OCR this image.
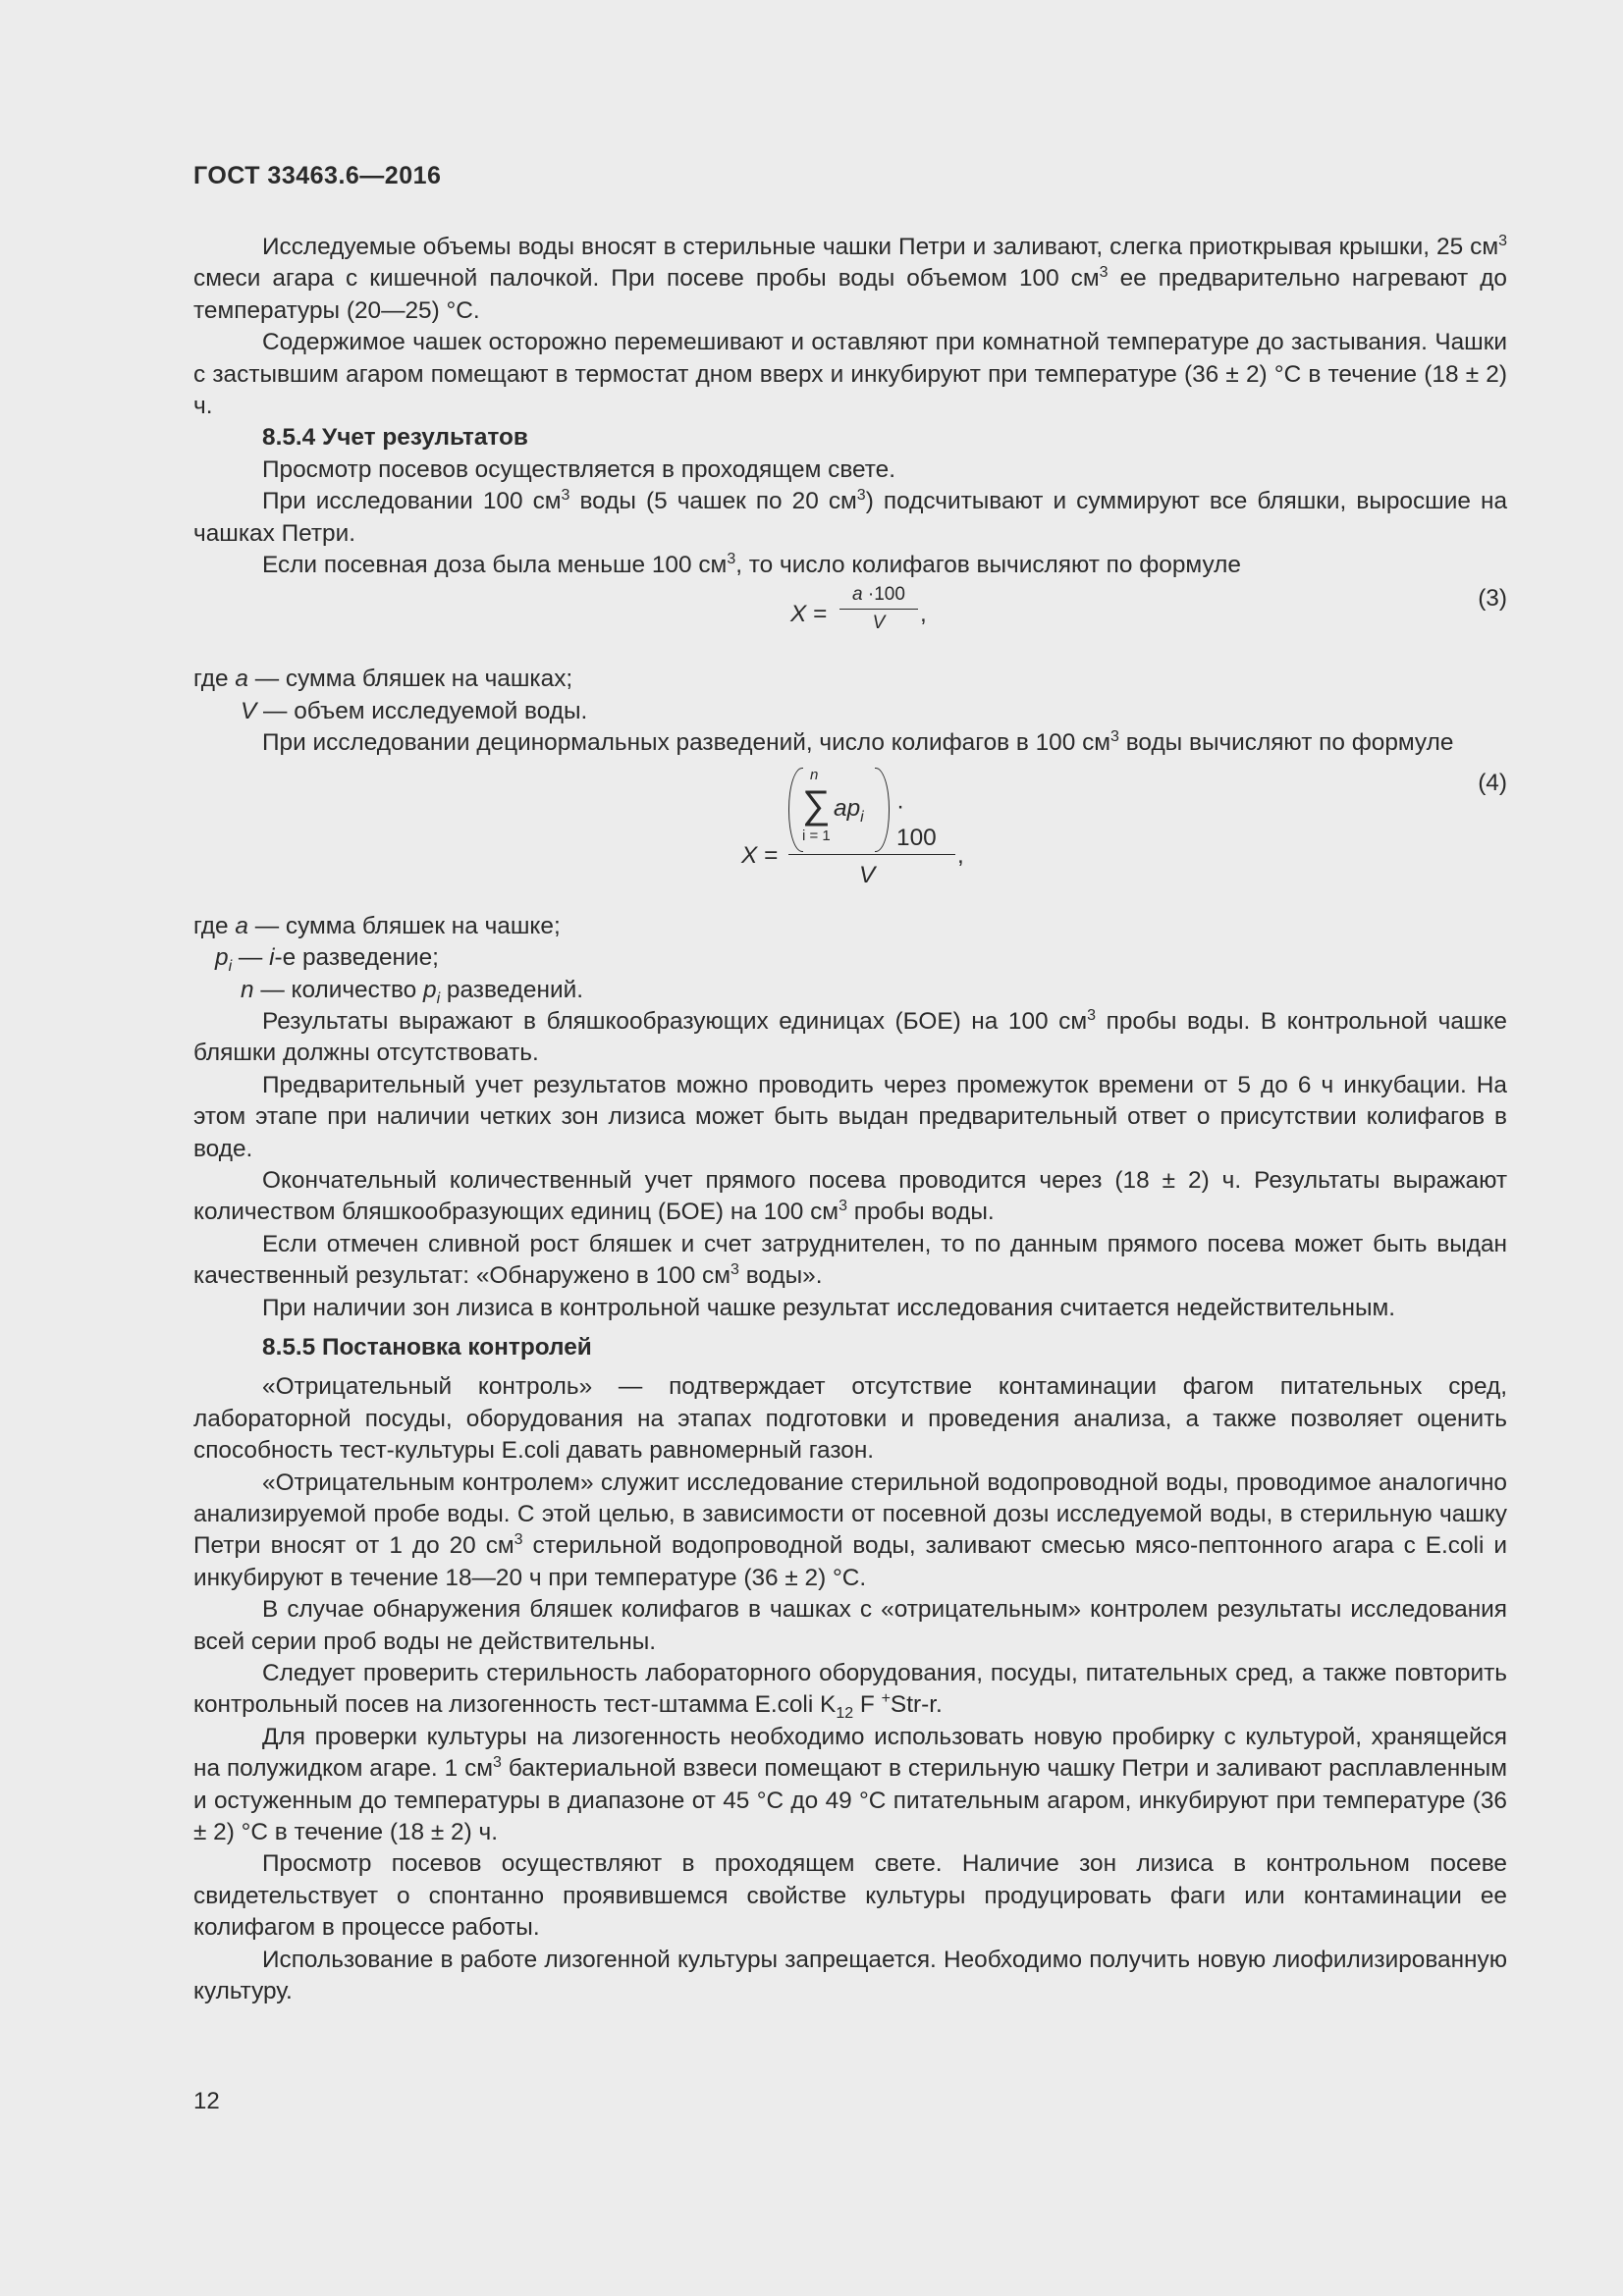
ГОСТ 33463.6—2016

Исследуемые объемы воды вносят в стерильные чашки Петри и заливают, слегка приоткрывая крышки, 25 $см^3$ смеси агара с кишечной палочкой. При посеве пробы воды объемом 100 $см^3$ ее предварительно нагревают до температуры (20—25) °С.

Содержимое чашек осторожно перемешивают и оставляют при комнатной температуре до застывания. Чашки с застывшим агаром помещают в термостат дном вверх и инкубируют при температуре (36 ± 2) °С в течение (18 ± 2) ч.

8.5.4 Учет результатов

Просмотр посевов осуществляется в проходящем свете.

При исследовании 100 $см^3$ воды (5 чашек по 20 $см^3$) подсчитывают и суммируют все бляшки, выросшие на чашках Петри.

Если посевная доза была меньше 100 $см^3$, то число колифагов вычисляют по формуле

$X = \frac{a \cdot 100}{V}$ ,
(3)

где a — сумма бляшек на чашках;

V — объем исследуемой воды.

При исследовании децинормальных разведений, число колифагов в 100 $см^3$ воды вычисляют по формуле

X =
n
∑
i = 1
$ap_i \cdot 100$
V
,
(4)

где a — сумма бляшек на чашке;

$p_i$ — i-е разведение;

n — количество $p_i$ разведений.

Результаты выражают в бляшкообразующих единицах (БОЕ) на 100 $см^3$ пробы воды. В контрольной чашке бляшки должны отсутствовать.

Предварительный учет результатов можно проводить через промежуток времени от 5 до 6 ч инкубации. На этом этапе при наличии четких зон лизиса может быть выдан предварительный ответ о присутствии колифагов в воде.

Окончательный количественный учет прямого посева проводится через (18 ± 2) ч. Результаты выражают количеством бляшкообразующих единиц (БОЕ) на 100 $см^3$ пробы воды.

Если отмечен сливной рост бляшек и счет затруднителен, то по данным прямого посева может быть выдан качественный результат: «Обнаружено в 100 $см^3$ воды».

При наличии зон лизиса в контрольной чашке результат исследования считается недействительным.

8.5.5 Постановка контролей

«Отрицательный контроль» — подтверждает отсутствие контаминации фагом питательных сред, лабораторной посуды, оборудования на этапах подготовки и проведения анализа, а также позволяет оценить способность тест-культуры E.coli давать равномерный газон.

«Отрицательным контролем» служит исследование стерильной водопроводной воды, проводимое аналогично анализируемой пробе воды. С этой целью, в зависимости от посевной дозы исследуемой воды, в стерильную чашку Петри вносят от 1 до 20 $см^3$ стерильной водопроводной воды, заливают смесью мясо-пептонного агара с E.coli и инкубируют в течение 18—20 ч при температуре (36 ± 2) °С.

В случае обнаружения бляшек колифагов в чашках с «отрицательным» контролем результаты исследования всей серии проб воды не действительны.

Следует проверить стерильность лабораторного оборудования, посуды, питательных сред, а также повторить контрольный посев на лизогенность тест-штамма E.coli $K_{12}$ F +Str-r.

Для проверки культуры на лизогенность необходимо использовать новую пробирку с культурой, хранящейся на полужидком агаре. 1 $см^3$ бактериальной взвеси помещают в стерильную чашку Петри и заливают расплавленным и остуженным до температуры в диапазоне от 45 °С до 49 °С питательным агаром, инкубируют при температуре (36 ± 2) °С в течение (18 ± 2) ч.

Просмотр посевов осуществляют в проходящем свете. Наличие зон лизиса в контрольном посеве свидетельствует о спонтанно проявившемся свойстве культуры продуцировать фаги или контаминации ее колифагом в процессе работы.

Использование в работе лизогенной культуры запрещается. Необходимо получить новую лиофилизированную культуру.

12
